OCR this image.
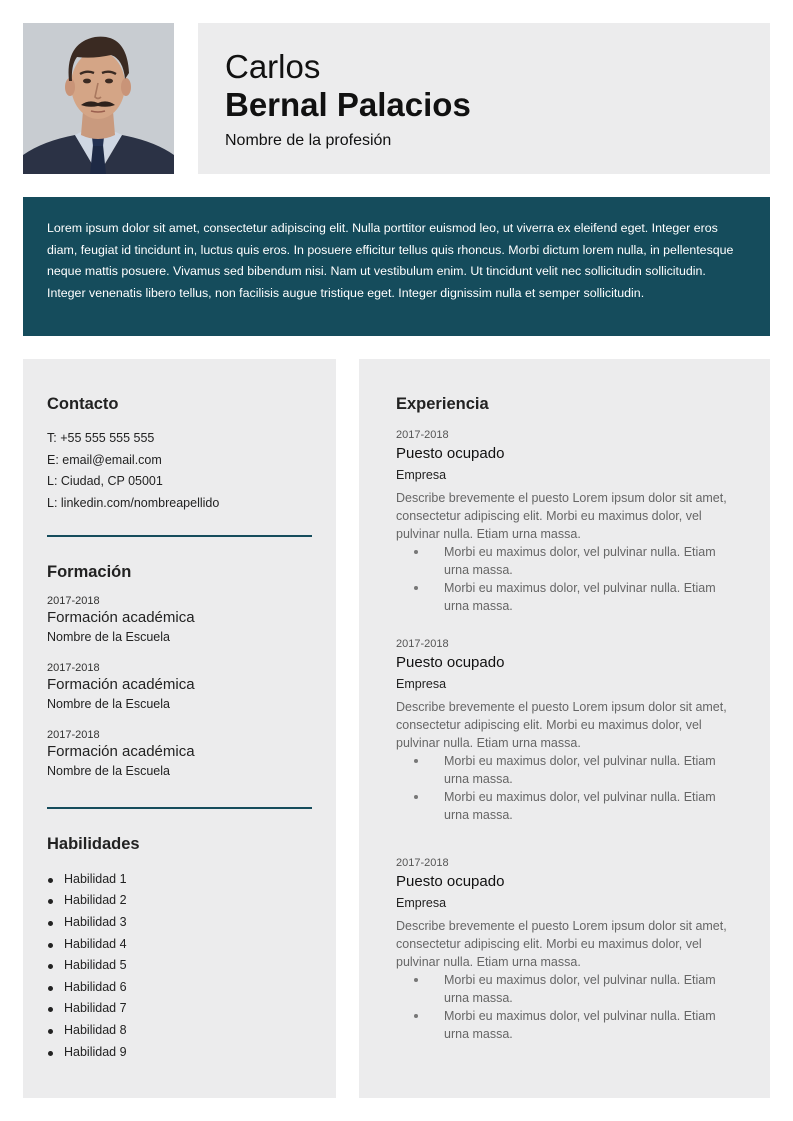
Carlos
Bernal Palacios
Nombre de la profesión

Lorem ipsum dolor sit amet, consectetur adipiscing elit. Nulla porttitor euismod leo, ut viverra ex eleifend eget. Integer eros diam, feugiat id tincidunt in, luctus quis eros. In posuere efficitur tellus quis rhoncus. Morbi dictum lorem nulla, in pellentesque neque mattis posuere. Vivamus sed bibendum nisi. Nam ut vestibulum enim. Ut tincidunt velit nec sollicitudin sollicitudin. Integer venenatis libero tellus, non facilisis augue tristique eget. Integer dignissim nulla et semper sollicitudin.

Contacto
T: +55 555 555 555
E: email@email.com
L: Ciudad, CP 05001
L: linkedin.com/nombreapellido
Formación
2017-2018
Formación académica
Nombre de la Escuela
2017-2018
Formación académica
Nombre de la Escuela
2017-2018
Formación académica
Nombre de la Escuela
Habilidades
Habilidad 1
Habilidad 2
Habilidad 3
Habilidad 4
Habilidad 5
Habilidad 6
Habilidad 7
Habilidad 8
Habilidad 9
Experiencia
2017-2018
Puesto ocupado
Empresa
Describe brevemente el puesto Lorem ipsum dolor sit amet, consectetur adipiscing elit. Morbi eu maximus dolor, vel pulvinar nulla. Etiam urna massa.
Morbi eu maximus dolor, vel pulvinar nulla. Etiam urna massa.
Morbi eu maximus dolor, vel pulvinar nulla. Etiam urna massa.
2017-2018
Puesto ocupado
Empresa
Describe brevemente el puesto Lorem ipsum dolor sit amet, consectetur adipiscing elit. Morbi eu maximus dolor, vel pulvinar nulla. Etiam urna massa.
Morbi eu maximus dolor, vel pulvinar nulla. Etiam urna massa.
Morbi eu maximus dolor, vel pulvinar nulla. Etiam urna massa.
2017-2018
Puesto ocupado
Empresa
Describe brevemente el puesto Lorem ipsum dolor sit amet, consectetur adipiscing elit. Morbi eu maximus dolor, vel pulvinar nulla. Etiam urna massa.
Morbi eu maximus dolor, vel pulvinar nulla. Etiam urna massa.
Morbi eu maximus dolor, vel pulvinar nulla. Etiam urna massa.
